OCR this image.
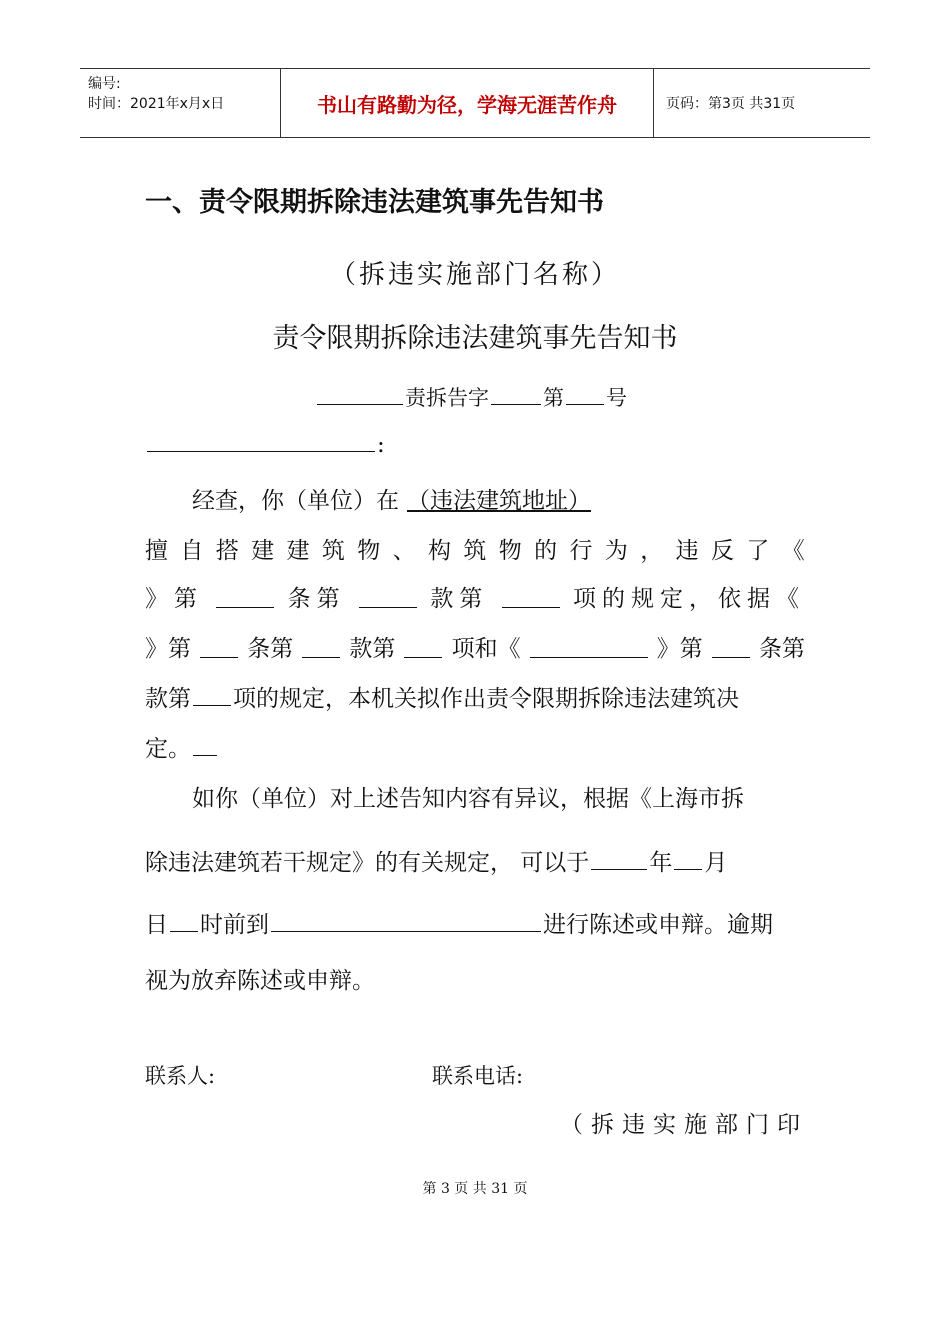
编号:
时间：2021年x月x日	书山有路勤为径，学海无涯苦作舟	页码：第3页 共31页
一、责令限期拆除违法建筑事先告知书
（拆违实施部门名称）
责令限期拆除违法建筑事先告知书
责拆告字	第 号
:
经查，你（单位）在 （违法建筑地址）
擅 自 搭 建 建 筑 物 、 构 筑 物 的 行 为 ， 违 反 了 《
》第	条第	款第	项的规定，依据《
》第 条第 款第 项和《	》第 条第
款第 项的规定，本机关拟作出责令限期拆除违法建筑决
定。
如你（单位）对上述告知内容有异议，根据《上海市拆
除违法建筑若干规定》的有关规定， 可以于	年 月
日 时前到	进行陈述或申辩。逾期
视为放弃陈述或申辩。
联系人:	联系电话:
（拆违实施部门印
第 3 页 共 31 页
